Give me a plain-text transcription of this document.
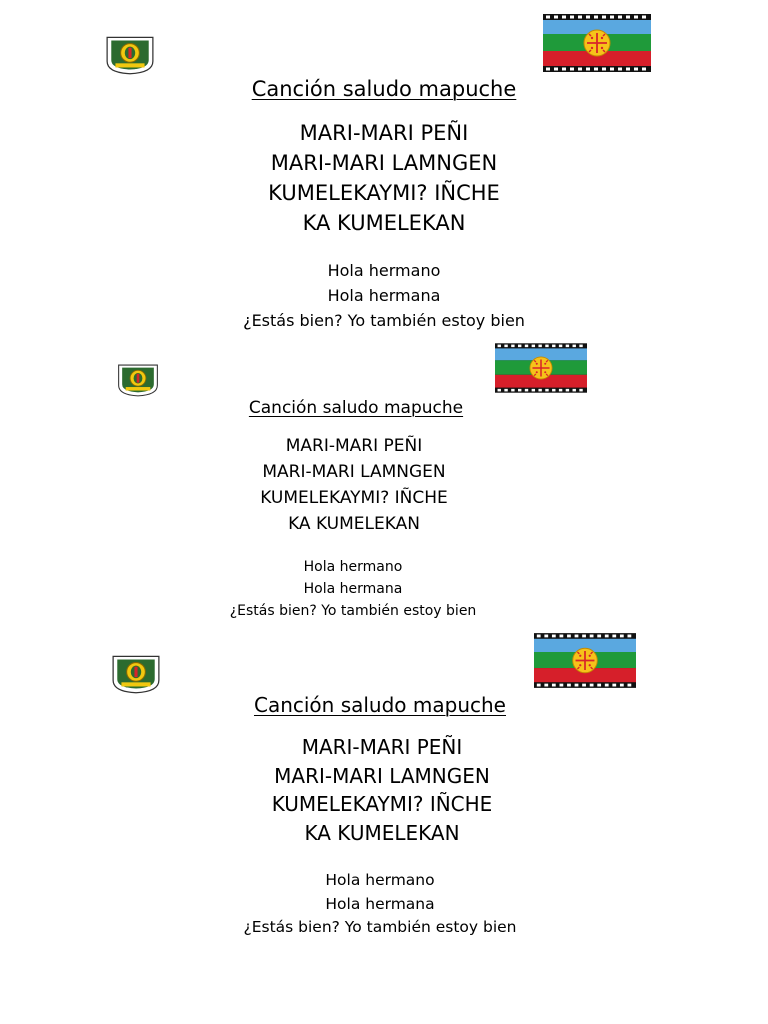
Canción saludo mapuche
MARI-MARI PEÑI
MARI-MARI LAMNGEN
KUMELEKAYMI? IÑCHE
KA KUMELEKAN
Hola hermano
Hola hermana
¿Estás bien? Yo también estoy bien
Canción saludo mapuche
MARI-MARI PEÑI
MARI-MARI LAMNGEN
KUMELEKAYMI? IÑCHE
KA KUMELEKAN
Hola hermano
Hola hermana
¿Estás bien? Yo también estoy bien
Canción saludo mapuche
MARI-MARI PEÑI
MARI-MARI LAMNGEN
KUMELEKAYMI? IÑCHE
KA KUMELEKAN
Hola hermano
Hola hermana
¿Estás bien? Yo también estoy bien
